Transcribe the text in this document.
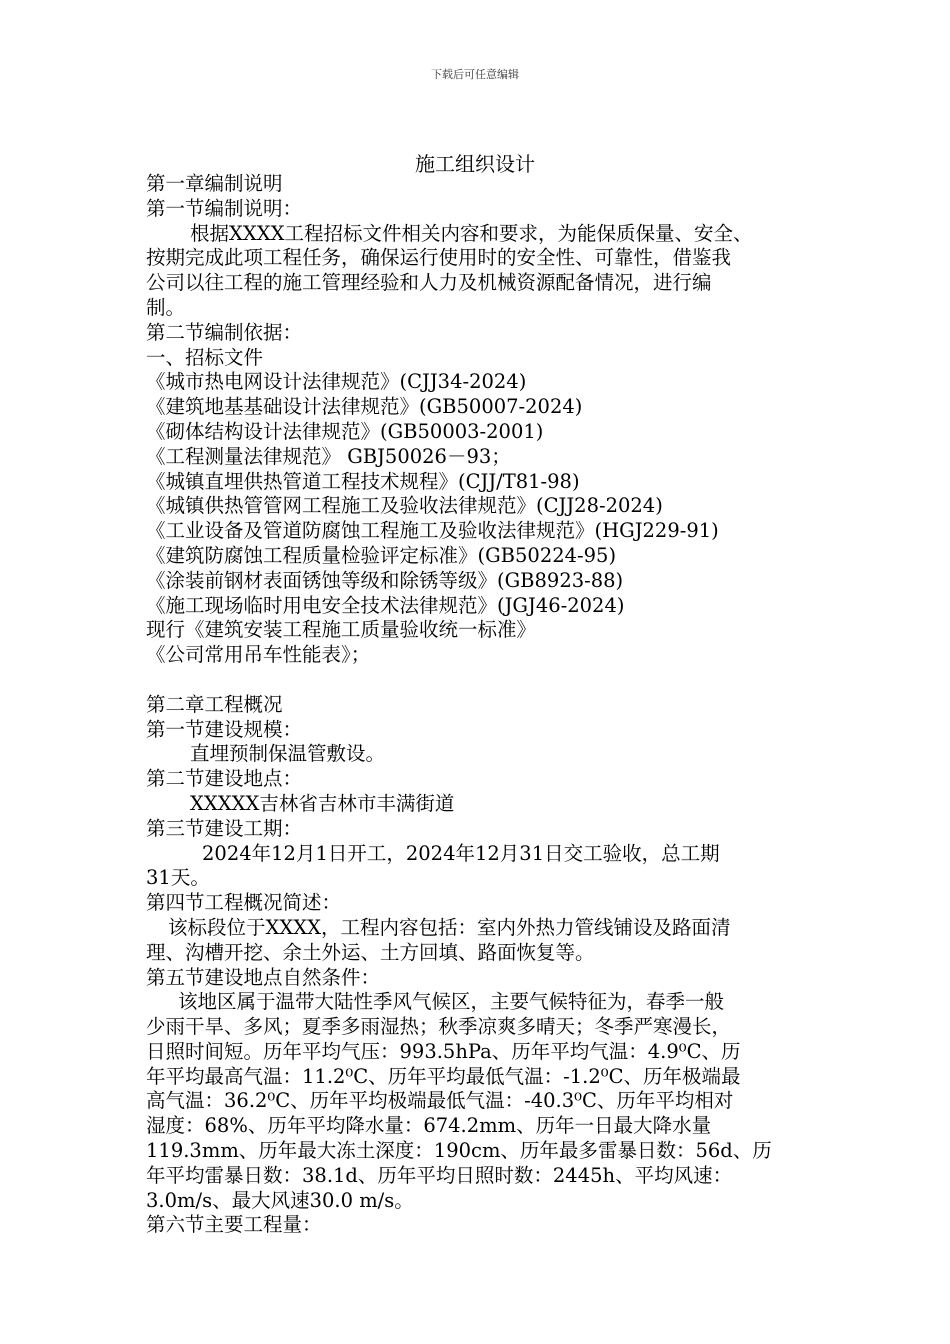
下载后可任意编辑
施工组织设计
第一章编制说明
第一节编制说明：
根据XXXX工程招标文件相关内容和要求，为能保质保量、安全、
按期完成此项工程任务，确保运行使用时的安全性、可靠性，借鉴我
公司以往工程的施工管理经验和人力及机械资源配备情况，进行编
制。
第二节编制依据：
一、招标文件
《城市热电网设计法律规范》(CJJ34-2024)
《建筑地基基础设计法律规范》(GB50007-2024)
《砌体结构设计法律规范》(GB50003-2001)
《工程测量法律规范》 GBJ50026－93；
《城镇直埋供热管道工程技术规程》(CJJ/T81-98)
《城镇供热管管网工程施工及验收法律规范》(CJJ28-2024)
《工业设备及管道防腐蚀工程施工及验收法律规范》(HGJ229-91)
《建筑防腐蚀工程质量检验评定标准》(GB50224-95)
《涂装前钢材表面锈蚀等级和除锈等级》(GB8923-88)
《施工现场临时用电安全技术法律规范》(JGJ46-2024)
现行《建筑安装工程施工质量验收统一标准》
《公司常用吊车性能表》；
第二章工程概况
第一节建设规模：
直埋预制保温管敷设。
第二节建设地点：
XXXXX吉林省吉林市丰满街道
第三节建设工期：
2024年12月1日开工，2024年12月31日交工验收，总工期
31天。
第四节工程概况简述：
该标段位于XXXX，工程内容包括：室内外热力管线铺设及路面清
理、沟槽开挖、余土外运、土方回填、路面恢复等。
第五节建设地点自然条件：
该地区属于温带大陆性季风气候区，主要气候特征为，春季一般
少雨干旱、多风；夏季多雨湿热；秋季凉爽多晴天；冬季严寒漫长，
日照时间短。历年平均气压：993.5hPa、历年平均气温：4.9⁰C、历
年平均最高气温：11.2⁰C、历年平均最低气温：-1.2⁰C、历年极端最
高气温：36.2⁰C、历年平均极端最低气温：-40.3⁰C、历年平均相对
湿度：68%、历年平均降水量：674.2mm、历年一日最大降水量
119.3mm、历年最大冻土深度：190cm、历年最多雷暴日数：56d、历
年平均雷暴日数：38.1d、历年平均日照时数：2445h、平均风速：
3.0m/s、最大风速30.0 m/s。
第六节主要工程量：
